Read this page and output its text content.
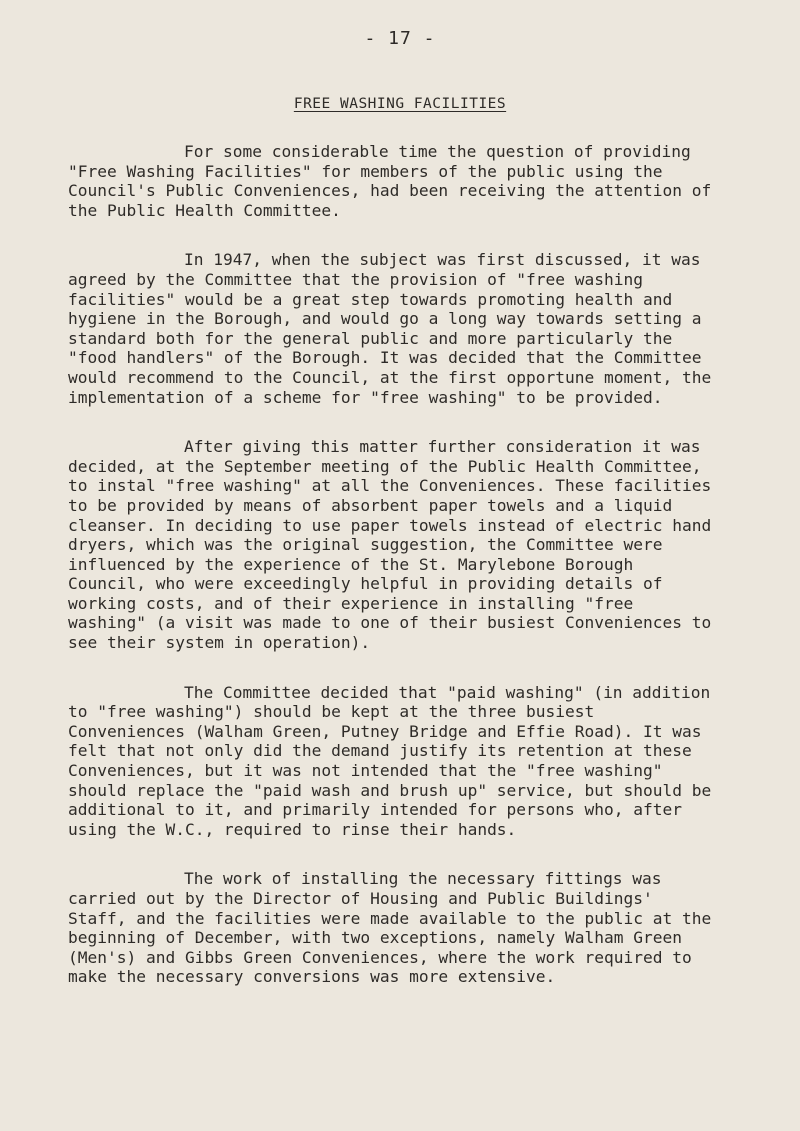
- 17 -
FREE WASHING FACILITIES

For some considerable time the question of providing "Free Washing Facilities" for members of the public using the Council's Public Conveniences, had been receiving the attention of the Public Health Committee.

In 1947, when the subject was first discussed, it was agreed by the Committee that the provision of "free washing facilities" would be a great step towards promoting health and hygiene in the Borough, and would go a long way towards setting a standard both for the general public and more particularly the "food handlers" of the Borough. It was decided that the Committee would recommend to the Council, at the first opportune moment, the implementation of a scheme for "free washing" to be provided.

After giving this matter further consideration it was decided, at the September meeting of the Public Health Committee, to instal "free washing" at all the Conveniences. These facilities to be provided by means of absorbent paper towels and a liquid cleanser. In deciding to use paper towels instead of electric hand dryers, which was the original suggestion, the Committee were influenced by the experience of the St. Marylebone Borough Council, who were exceedingly helpful in providing details of working costs, and of their experience in installing "free washing" (a visit was made to one of their busiest Conveniences to see their system in operation).

The Committee decided that "paid washing" (in addition to "free washing") should be kept at the three busiest Conveniences (Walham Green, Putney Bridge and Effie Road). It was felt that not only did the demand justify its retention at these Conveniences, but it was not intended that the "free washing" should replace the "paid wash and brush up" service, but should be additional to it, and primarily intended for persons who, after using the W.C., required to rinse their hands.

The work of installing the necessary fittings was carried out by the Director of Housing and Public Buildings' Staff, and the facilities were made available to the public at the beginning of December, with two exceptions, namely Walham Green (Men's) and Gibbs Green Conveniences, where the work required to make the necessary conversions was more extensive.
